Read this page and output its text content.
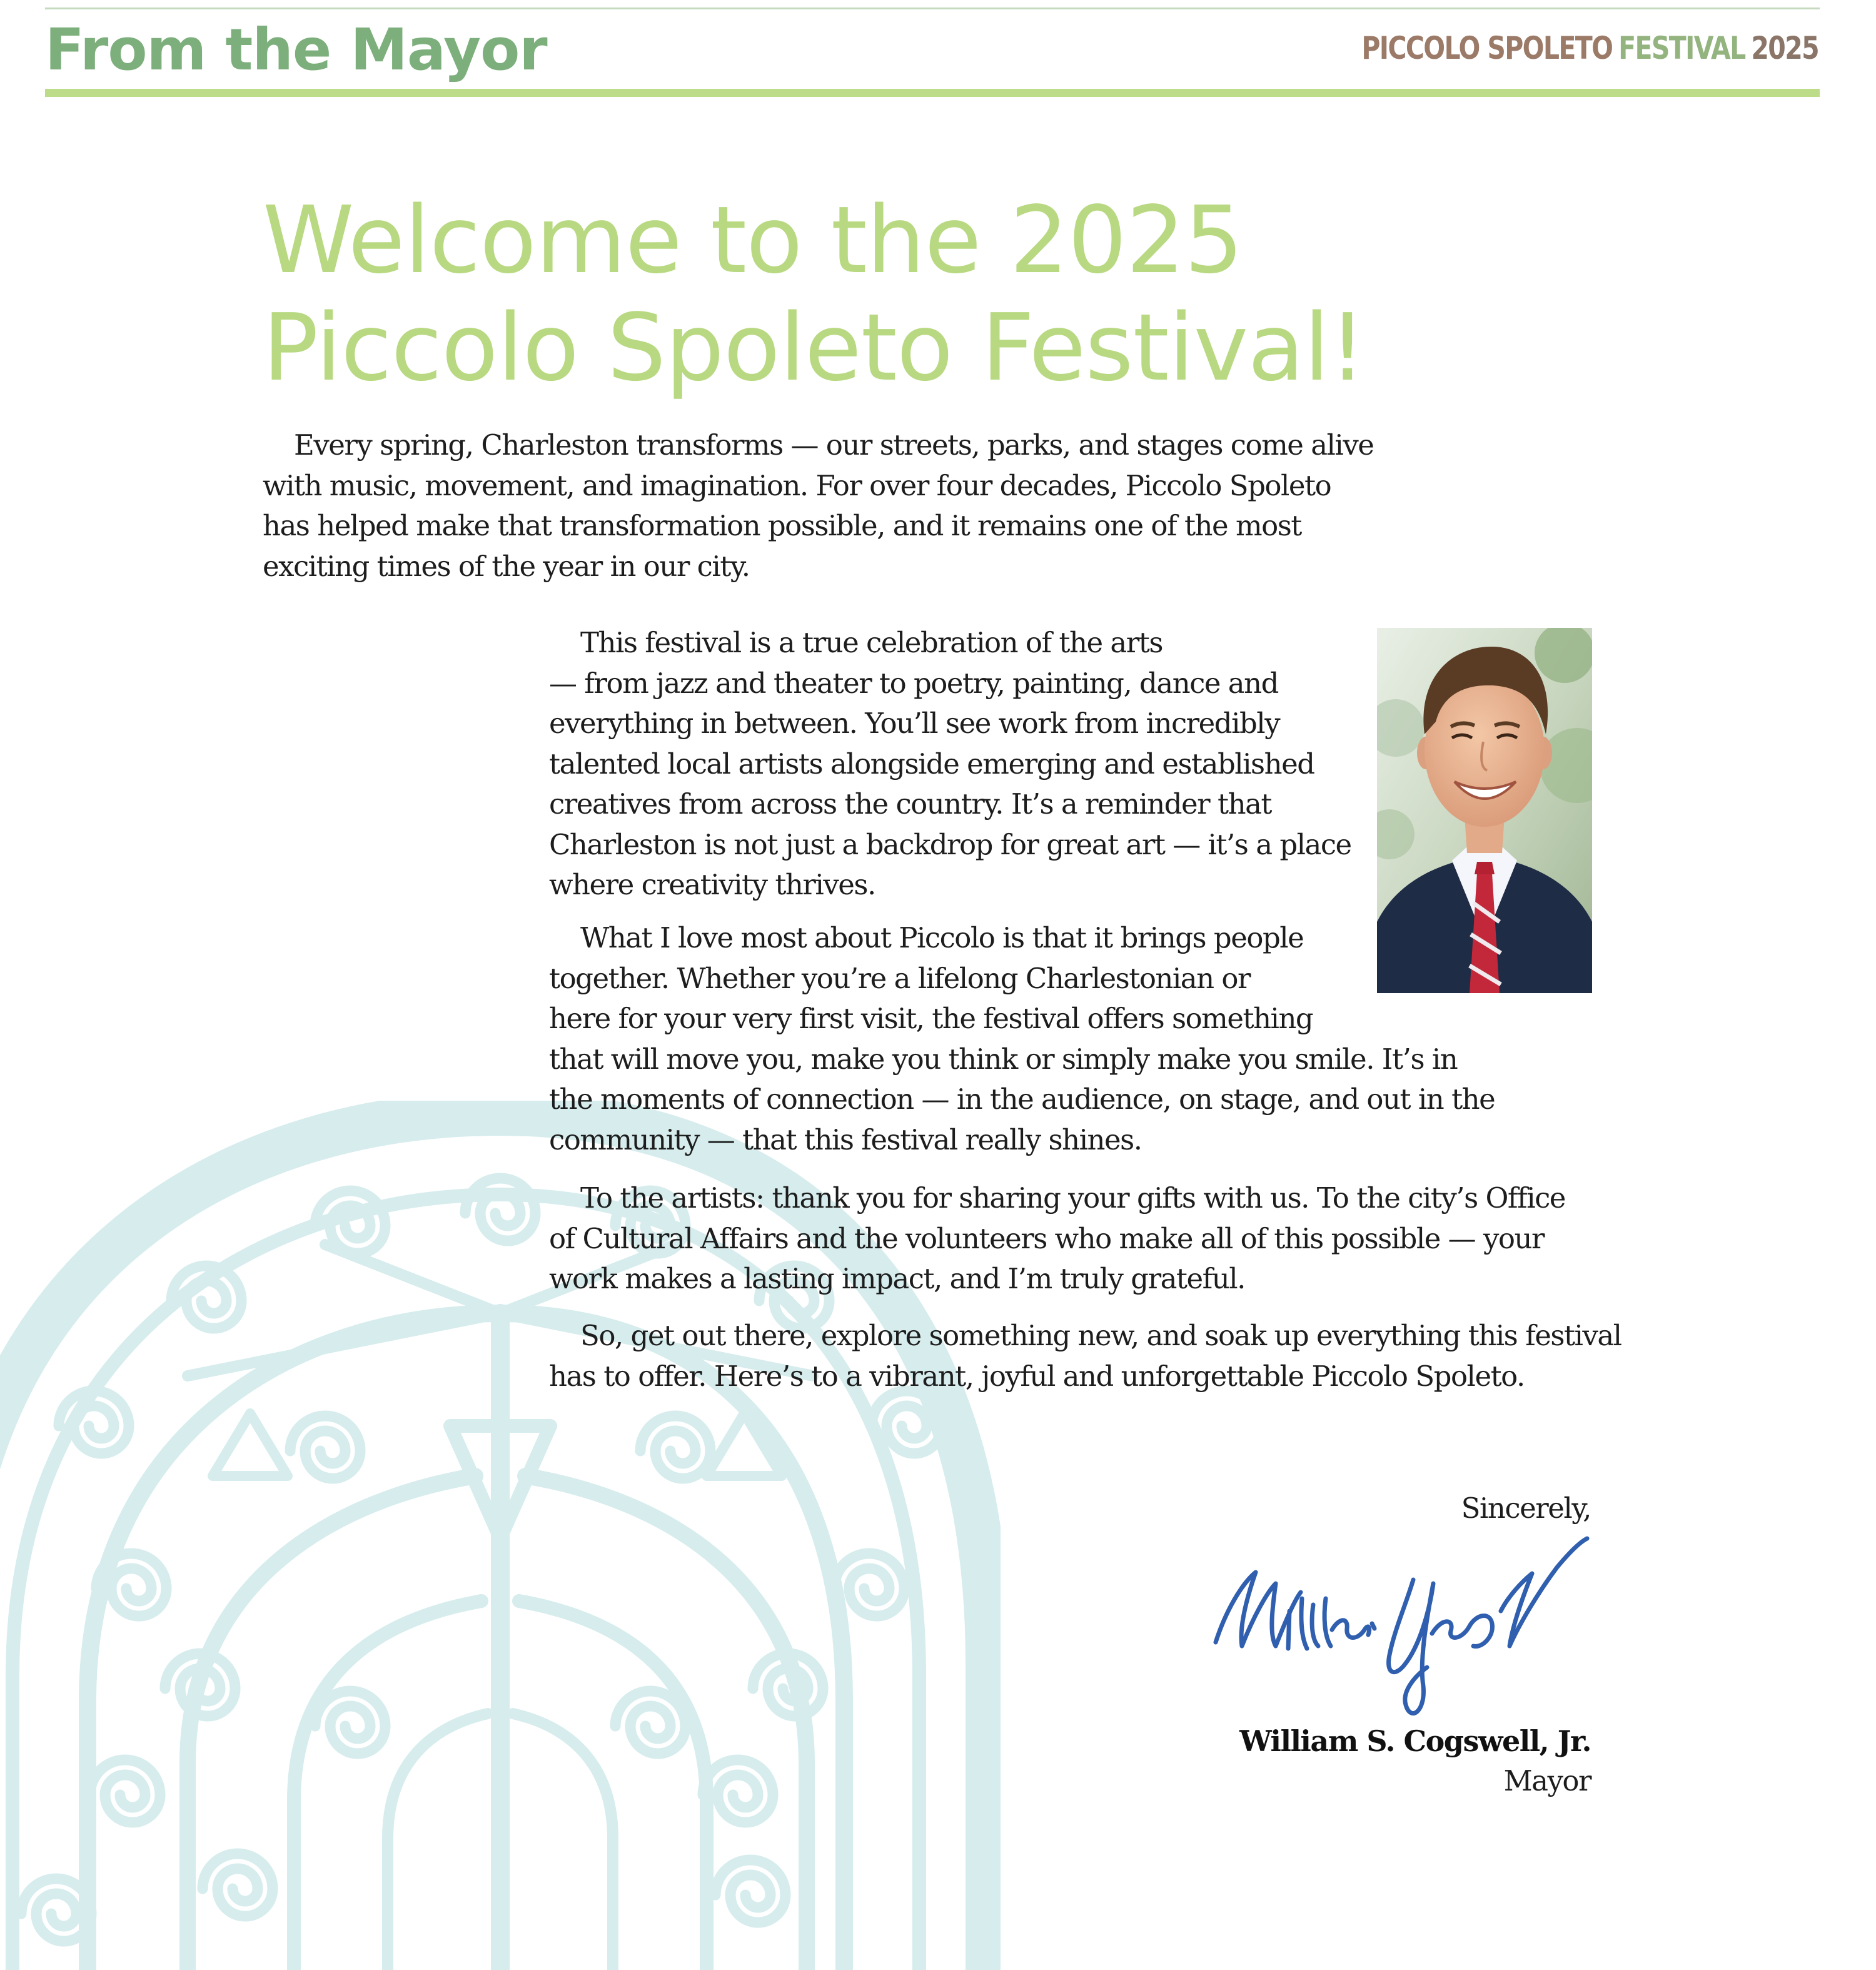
From the Mayor	PICCOLO SPOLETO FESTIVAL 2025
Welcome to the 2025
Piccolo Spoleto Festival!

Every spring, Charleston transforms — our streets, parks, and stages come alive
with music, movement, and imagination. For over four decades, Piccolo Spoleto
has helped make that transformation possible, and it remains one of the most
exciting times of the year in our city.

This festival is a true celebration of the arts
— from jazz and theater to poetry, painting, dance and
everything in between. You’ll see work from incredibly
talented local artists alongside emerging and established
creatives from across the country. It’s a reminder that
Charleston is not just a backdrop for great art — it’s a place
where creativity thrives.

What I love most about Piccolo is that it brings people
together. Whether you’re a lifelong Charlestonian or
here for your very first visit, the festival offers something
that will move you, make you think or simply make you smile. It’s in
the moments of connection — in the audience, on stage, and out in the
community — that this festival really shines.

To the artists: thank you for sharing your gifts with us. To the city’s Office
of Cultural Affairs and the volunteers who make all of this possible — your
work makes a lasting impact, and I’m truly grateful.

So, get out there, explore something new, and soak up everything this festival
has to offer. Here’s to a vibrant, joyful and unforgettable Piccolo Spoleto.

Sincerely,

William S. Cogswell, Jr.

Mayor
